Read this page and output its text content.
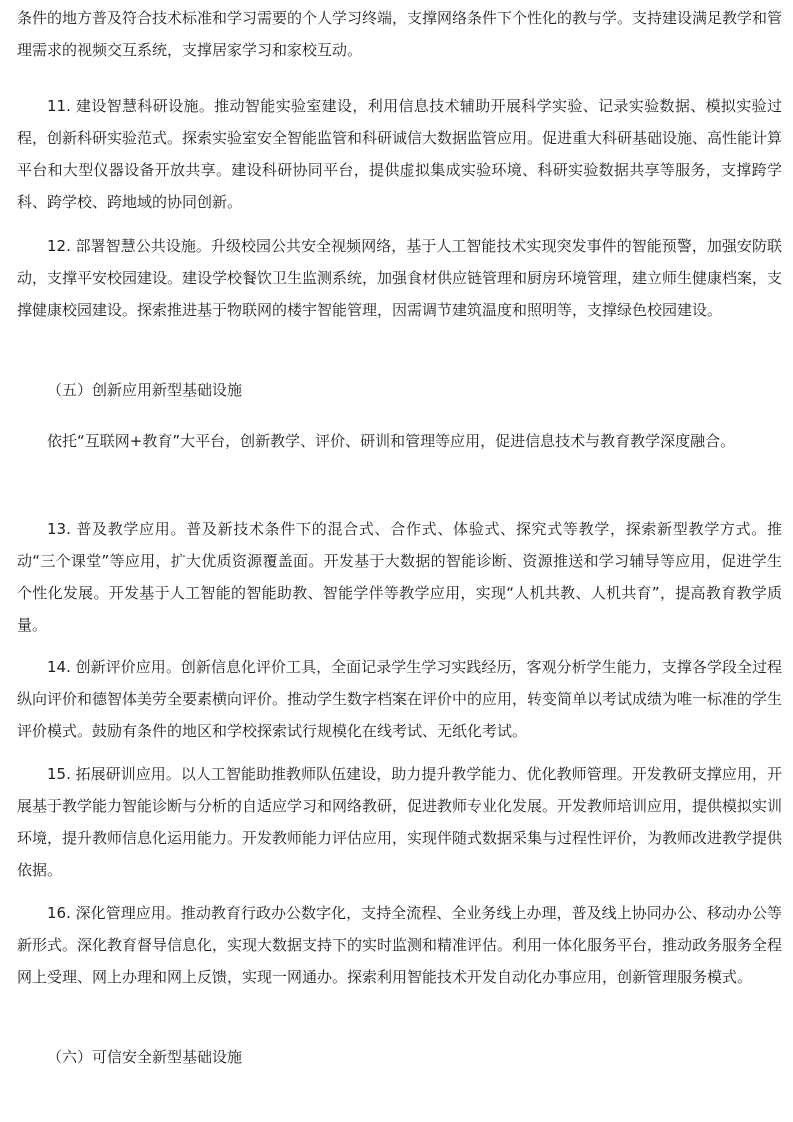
条件的地方普及符合技术标准和学习需要的个人学习终端，支撑网络条件下个性化的教与学。支持建设满足教学和管理需求的视频交互系统，支撑居家学习和家校互动。

11. 建设智慧科研设施。推动智能实验室建设，利用信息技术辅助开展科学实验、记录实验数据、模拟实验过程，创新科研实验范式。探索实验室安全智能监管和科研诚信大数据监管应用。促进重大科研基础设施、高性能计算平台和大型仪器设备开放共享。建设科研协同平台，提供虚拟集成实验环境、科研实验数据共享等服务，支撑跨学科、跨学校、跨地域的协同创新。

12. 部署智慧公共设施。升级校园公共安全视频网络，基于人工智能技术实现突发事件的智能预警，加强安防联动，支撑平安校园建设。建设学校餐饮卫生监测系统，加强食材供应链管理和厨房环境管理，建立师生健康档案，支撑健康校园建设。探索推进基于物联网的楼宇智能管理，因需调节建筑温度和照明等，支撑绿色校园建设。

（五）创新应用新型基础设施

依托“互联网+教育”大平台，创新教学、评价、研训和管理等应用，促进信息技术与教育教学深度融合。

13. 普及教学应用。普及新技术条件下的混合式、合作式、体验式、探究式等教学，探索新型教学方式。推动“三个课堂”等应用，扩大优质资源覆盖面。开发基于大数据的智能诊断、资源推送和学习辅导等应用，促进学生个性化发展。开发基于人工智能的智能助教、智能学伴等教学应用，实现“人机共教、人机共育”，提高教育教学质量。

14. 创新评价应用。创新信息化评价工具，全面记录学生学习实践经历，客观分析学生能力，支撑各学段全过程纵向评价和德智体美劳全要素横向评价。推动学生数字档案在评价中的应用，转变简单以考试成绩为唯一标准的学生评价模式。鼓励有条件的地区和学校探索试行规模化在线考试、无纸化考试。

15. 拓展研训应用。以人工智能助推教师队伍建设，助力提升教学能力、优化教师管理。开发教研支撑应用，开展基于教学能力智能诊断与分析的自适应学习和网络教研，促进教师专业化发展。开发教师培训应用，提供模拟实训环境，提升教师信息化运用能力。开发教师能力评估应用，实现伴随式数据采集与过程性评价，为教师改进教学提供依据。

16. 深化管理应用。推动教育行政办公数字化，支持全流程、全业务线上办理，普及线上协同办公、移动办公等新形式。深化教育督导信息化，实现大数据支持下的实时监测和精准评估。利用一体化服务平台，推动政务服务全程网上受理、网上办理和网上反馈，实现一网通办。探索利用智能技术开发自动化办事应用，创新管理服务模式。

（六）可信安全新型基础设施
